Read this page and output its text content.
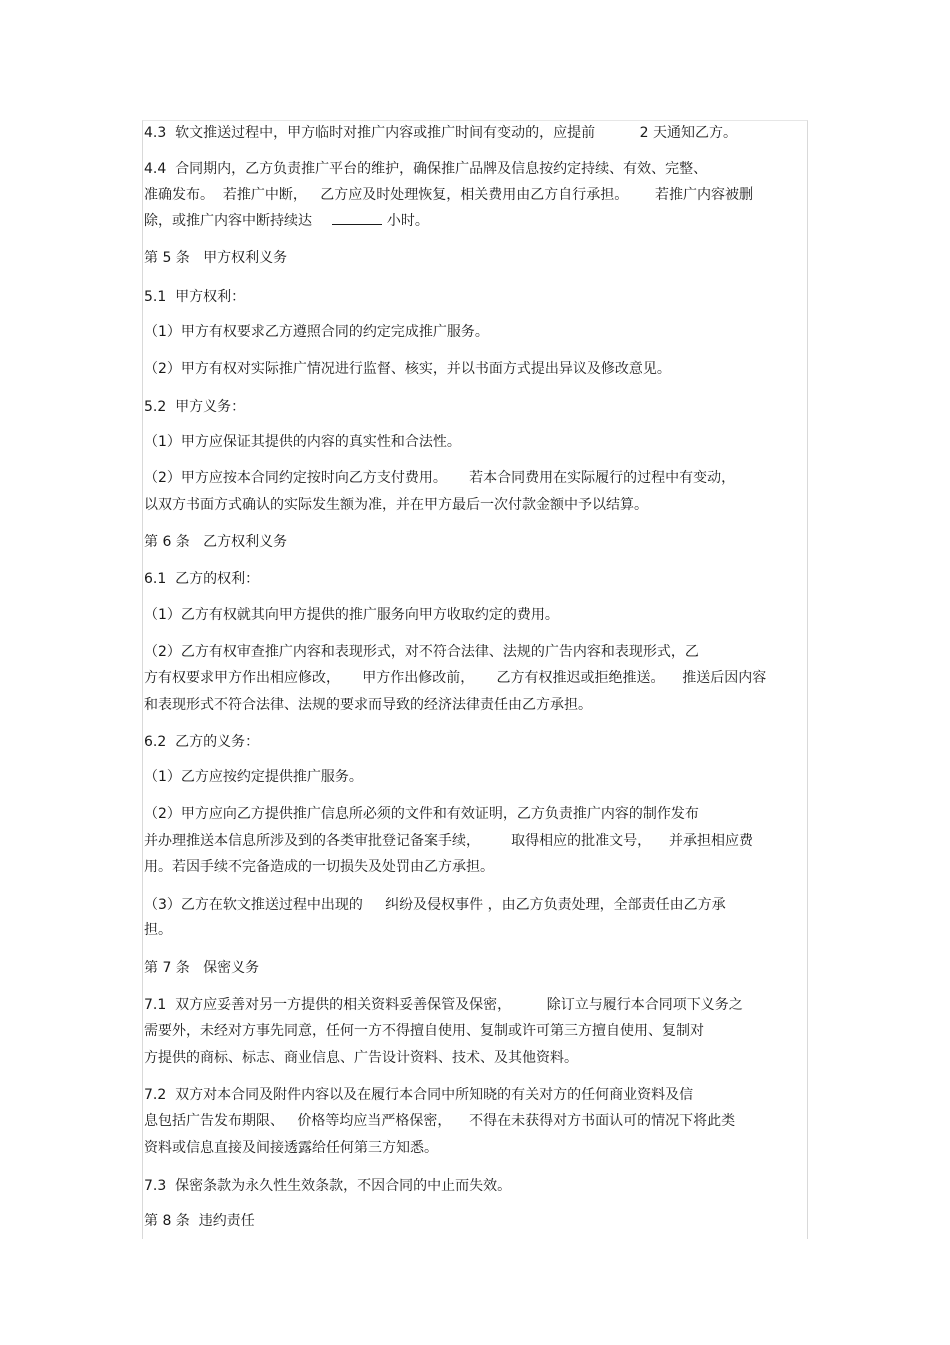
4.3  软文推送过程中，甲方临时对推广内容或推广时间有变动的，应提前          2 天通知乙方。
4.4  合同期内，乙方负责推广平台的维护，确保推广品牌及信息按约定持续、有效、完整、
准确发布。  若推广中断，   乙方应及时处理恢复，相关费用由乙方自行承担。      若推广内容被删
除，或推广内容中断持续达	小时。
第 5 条   甲方权利义务
5.1  甲方权利：
（1）甲方有权要求乙方遵照合同的约定完成推广服务。
（2）甲方有权对实际推广情况进行监督、核实，并以书面方式提出异议及修改意见。
5.2  甲方义务：
（1）甲方应保证其提供的内容的真实性和合法性。
（2）甲方应按本合同约定按时向乙方支付费用。     若本合同费用在实际履行的过程中有变动，
以双方书面方式确认的实际发生额为准，并在甲方最后一次付款金额中予以结算。
第 6 条   乙方权利义务
6.1  乙方的权利：
（1）乙方有权就其向甲方提供的推广服务向甲方收取约定的费用。
（2）乙方有权审查推广内容和表现形式，对不符合法律、法规的广告内容和表现形式，乙
方有权要求甲方作出相应修改，     甲方作出修改前，     乙方有权推迟或拒绝推送。    推送后因内容
和表现形式不符合法律、法规的要求而导致的经济法律责任由乙方承担。
6.2  乙方的义务：
（1）乙方应按约定提供推广服务。
（2）甲方应向乙方提供推广信息所必须的文件和有效证明，乙方负责推广内容的制作发布
并办理推送本信息所涉及到的各类审批登记备案手续，       取得相应的批准文号，    并承担相应费
用。若因手续不完备造成的一切损失及处罚由乙方承担。
（3）乙方在软文推送过程中出现的     纠纷及侵权事件 ，由乙方负责处理，全部责任由乙方承
担。
第 7 条   保密义务
7.1  双方应妥善对另一方提供的相关资料妥善保管及保密，        除订立与履行本合同项下义务之
需要外，未经对方事先同意，任何一方不得擅自使用、复制或许可第三方擅自使用、复制对
方提供的商标、标志、商业信息、广告设计资料、技术、及其他资料。
7.2  双方对本合同及附件内容以及在履行本合同中所知晓的有关对方的任何商业资料及信
息包括广告发布期限、   价格等均应当严格保密，    不得在未获得对方书面认可的情况下将此类
资料或信息直接及间接透露给任何第三方知悉。
7.3  保密条款为永久性生效条款，不因合同的中止而失效。
第 8 条  违约责任
